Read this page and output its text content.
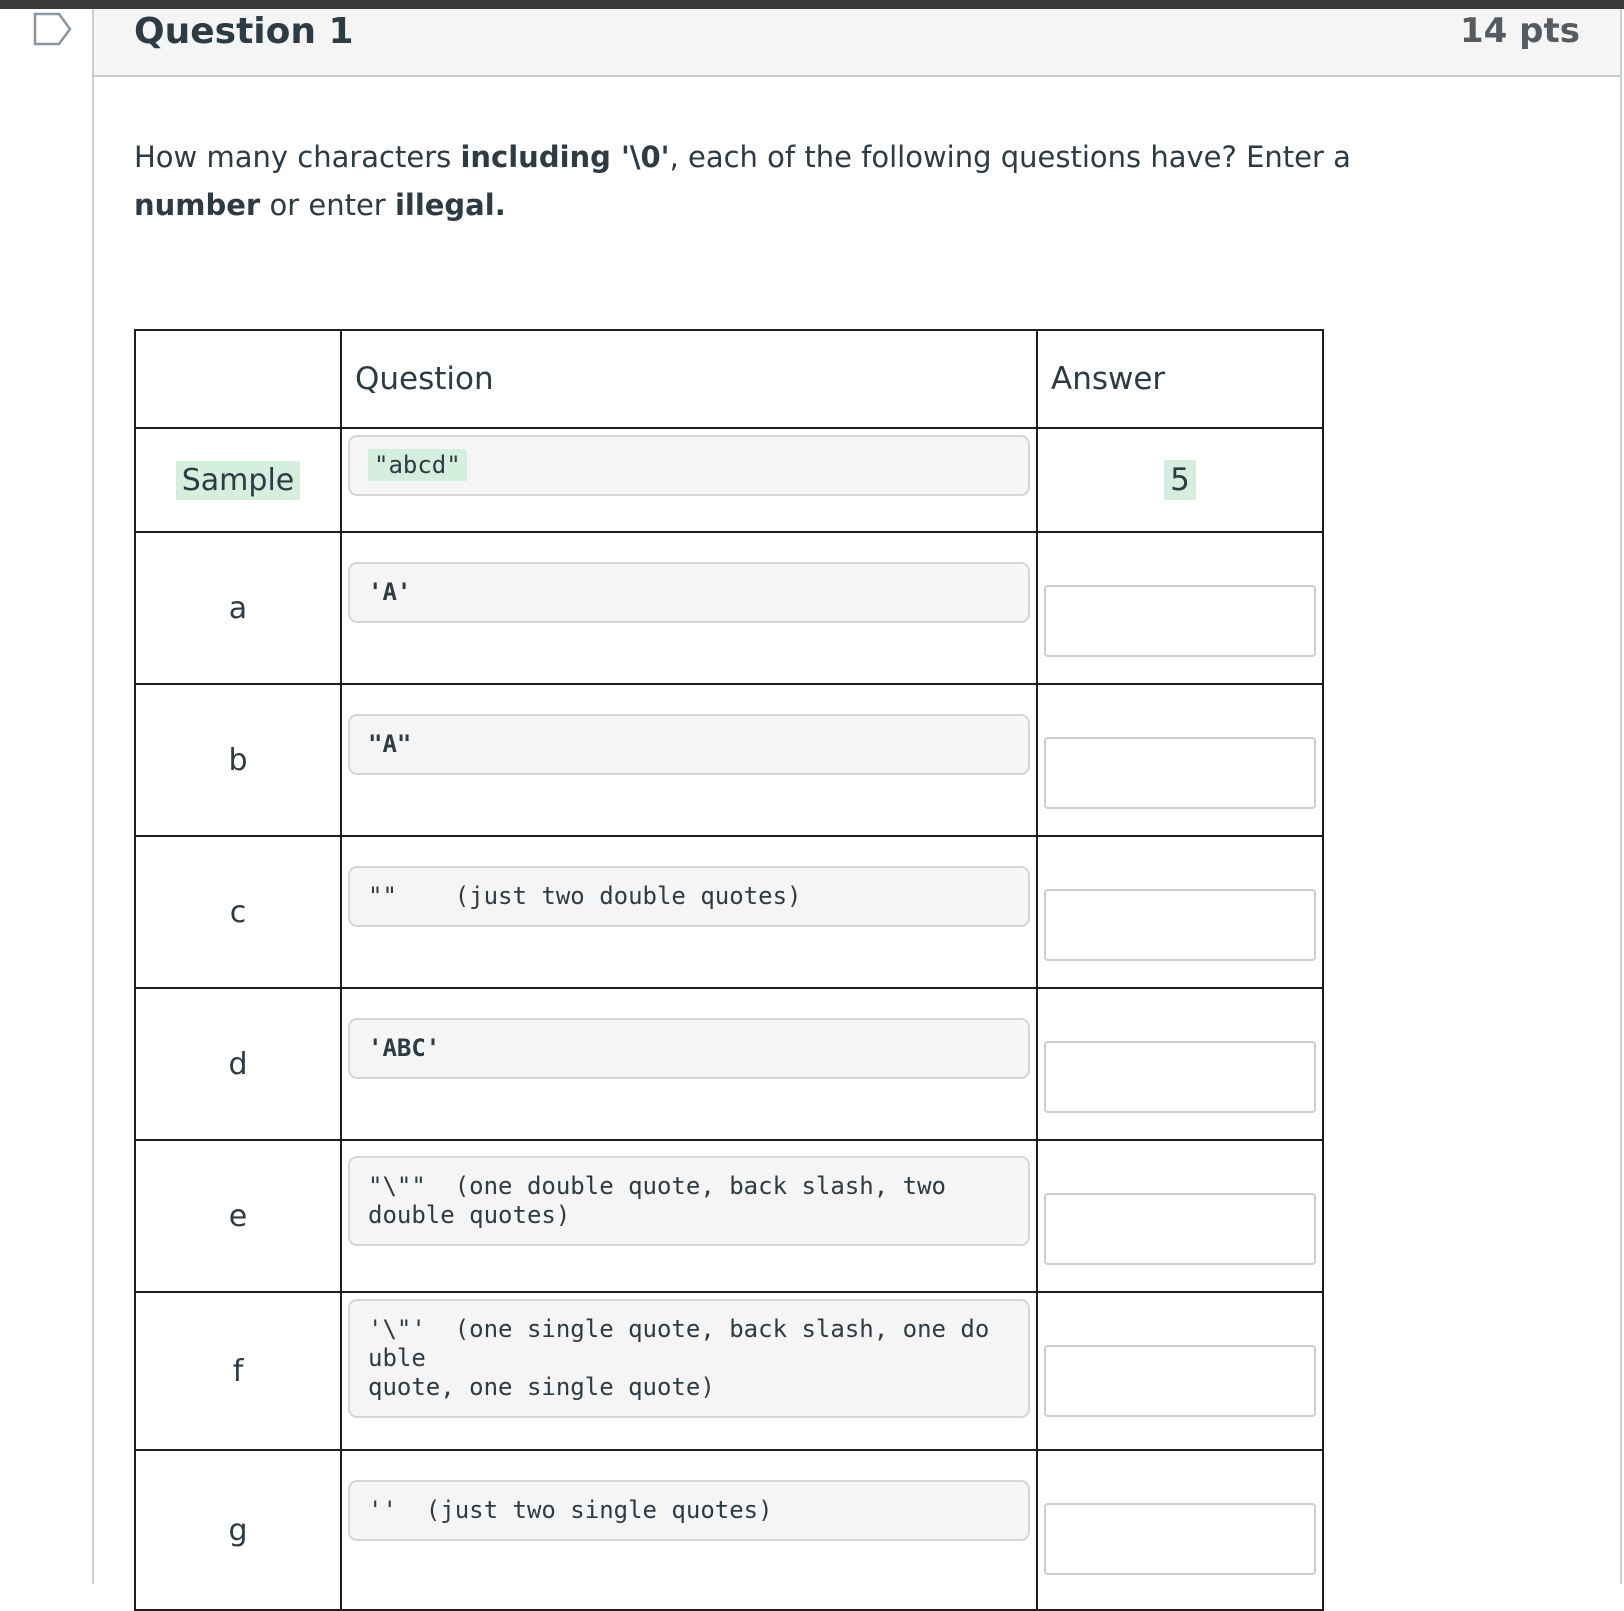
Question 1	14 pts
How many characters including '\0', each of the following questions have? Enter a number or enter illegal.
	Question	Answer
Sample	"abcd"	5
a	'A'

b	"A"

c	""    (just two double quotes)

d	'ABC'

e	"\""  (one double quote, back slash, two
double quotes)

f	'\"'  (one single quote, back slash, one do
uble
quote, one single quote)

g	''  (just two single quotes)
